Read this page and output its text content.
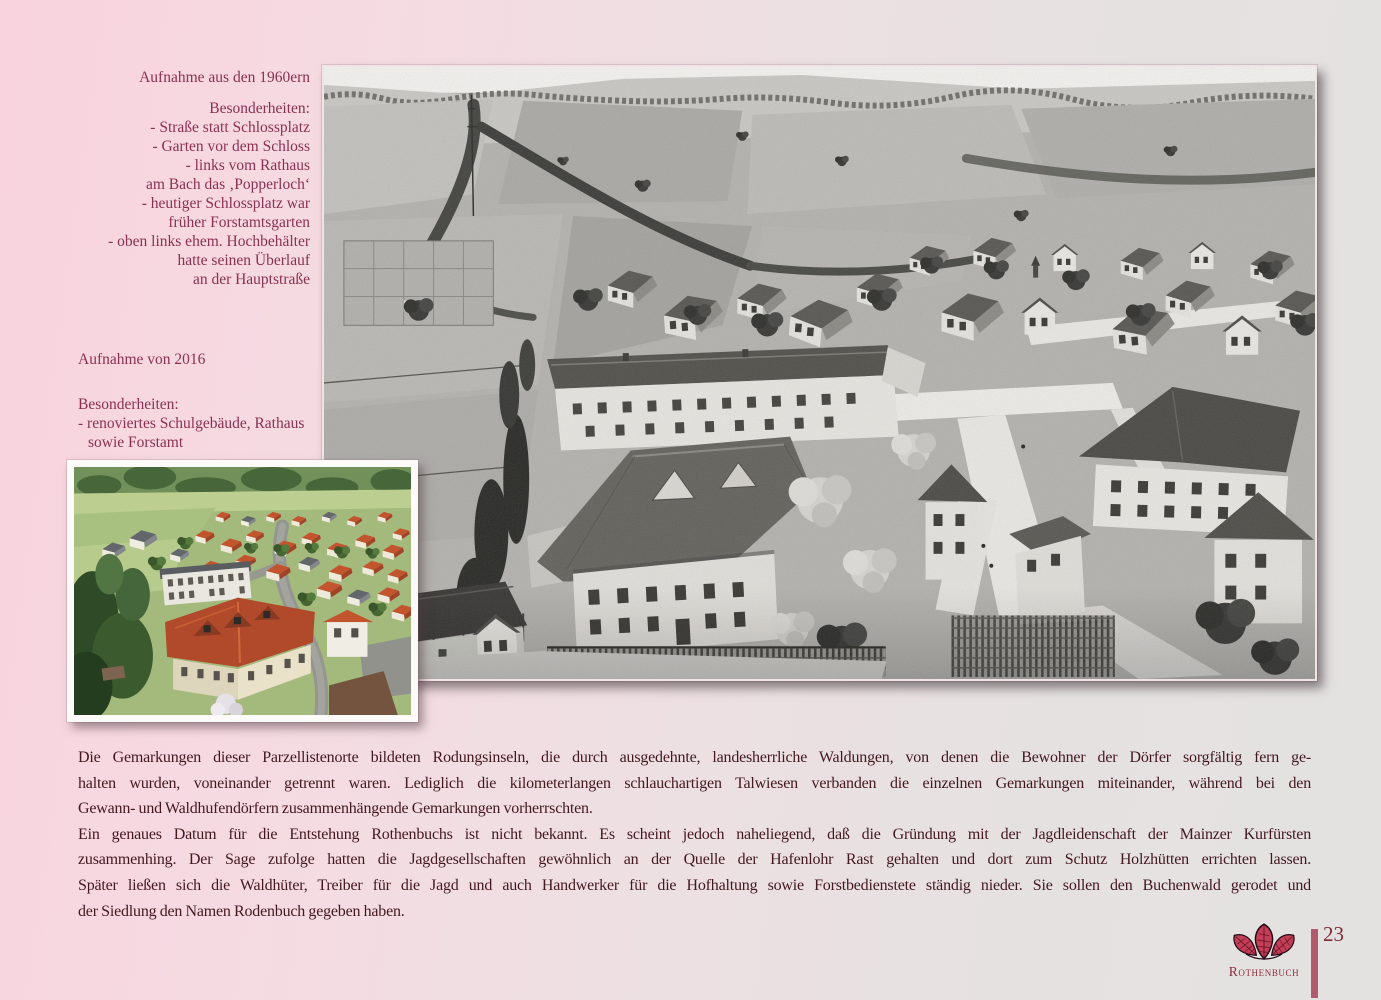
Aufnahme aus den 1960ern
Besonderheiten:
- Straße statt Schlossplatz
- Garten vor dem Schloss
- links vom Rathaus
am Bach das ‚Popperloch‘
- heutiger Schlossplatz war
früher Forstamtsgarten
- oben links ehem. Hochbehälter
hatte seinen Überlauf
an der Hauptstraße
Aufnahme von 2016
Besonderheiten:
- renoviertes Schulgebäude, Rathaus
sowie Forstamt
Die Gemarkungen dieser Parzellistenorte bildeten Rodungsinseln, die durch ausgedehnte, landesherrliche Waldungen, von denen die Bewohner der Dörfer sorgfältig fern ge-
halten wurden, voneinander getrennt waren. Lediglich die kilometerlangen schlauchartigen Talwiesen verbanden die einzelnen Gemarkungen miteinander, während bei den
Gewann- und Waldhufendörfern zusammenhängende Gemarkungen vorherrschten.
Ein genaues Datum für die Entstehung Rothenbuchs ist nicht bekannt. Es scheint jedoch naheliegend, daß die Gründung mit der Jagdleidenschaft der Mainzer Kurfürsten
zusammenhing. Der Sage zufolge hatten die Jagdgesellschaften gewöhnlich an der Quelle der Hafenlohr Rast gehalten und dort zum Schutz Holzhütten errichten lassen.
Später ließen sich die Waldhüter, Treiber für die Jagd und auch Handwerker für die Hofhaltung sowie Forstbedienstete ständig nieder. Sie sollen den Buchenwald gerodet und
der Siedlung den Namen Rodenbuch gegeben haben.
Rothenbuch
23
